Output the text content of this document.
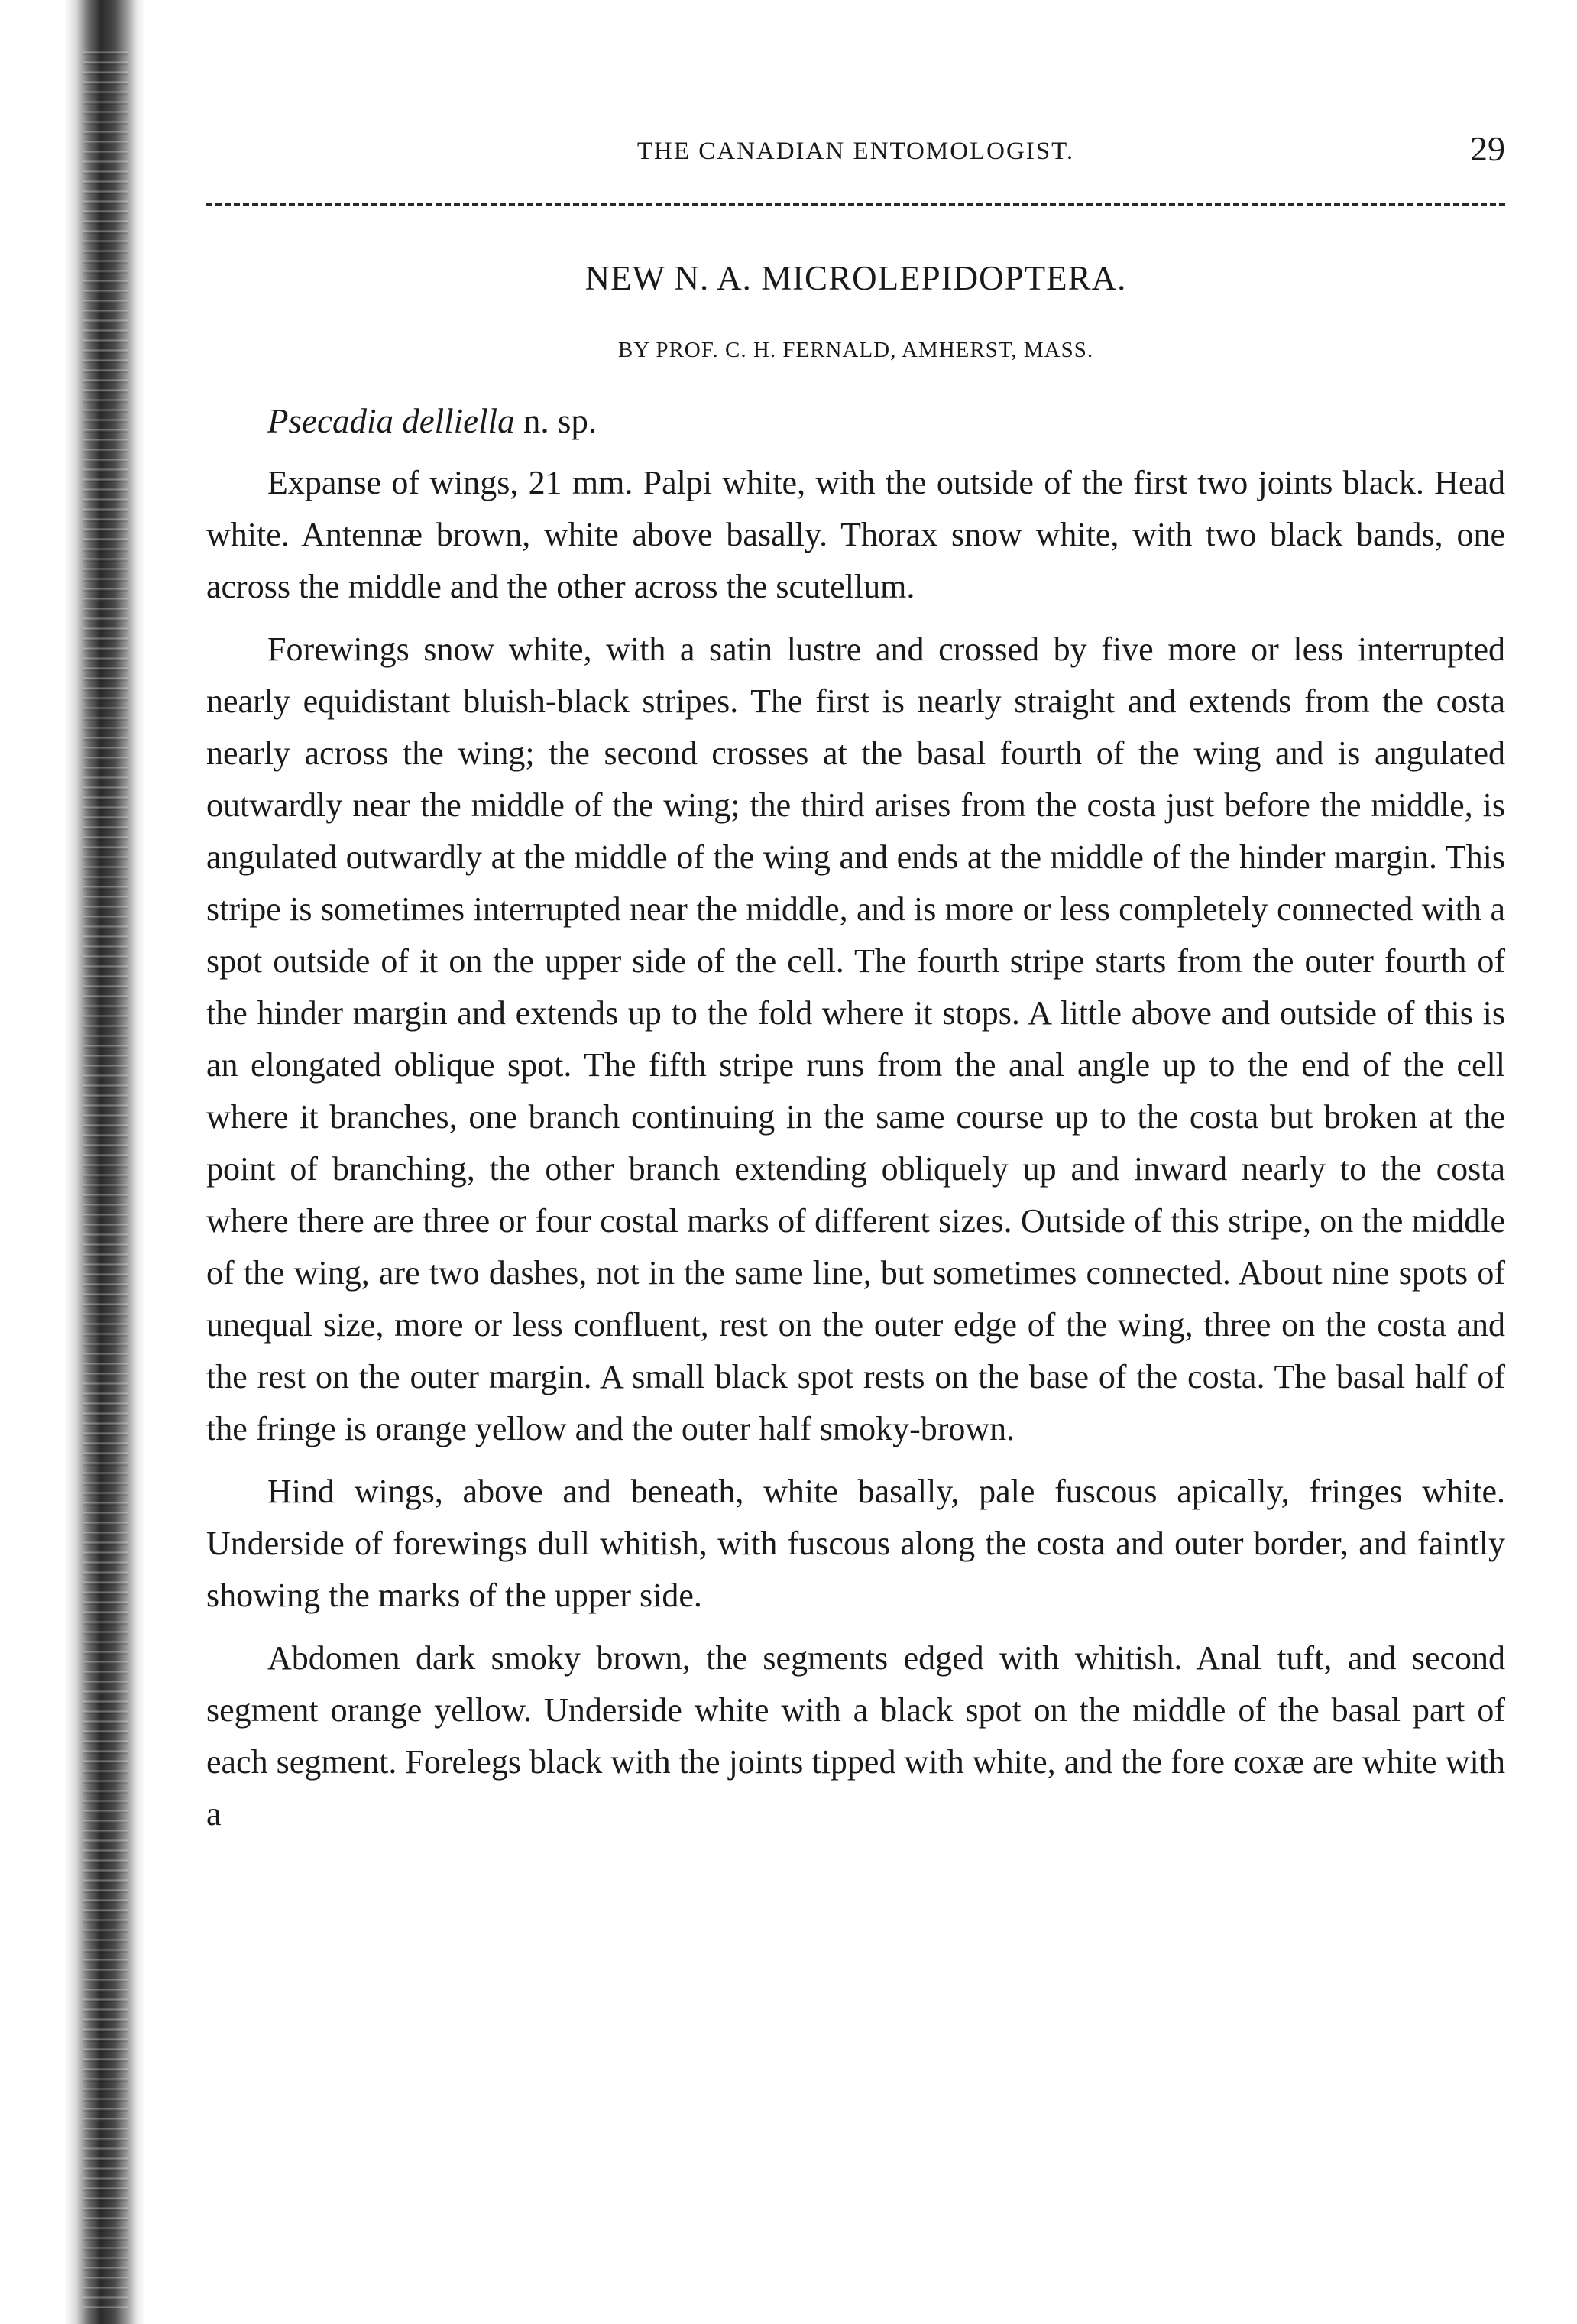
THE CANADIAN ENTOMOLOGIST.	29
NEW N. A. MICROLEPIDOPTERA.
BY PROF. C. H. FERNALD, AMHERST, MASS.
Psecadia delliella n. sp.

Expanse of wings, 21 mm. Palpi white, with the outside of the first two joints black. Head white. Antennæ brown, white above basally. Thorax snow white, with two black bands, one across the middle and the other across the scutellum.

Forewings snow white, with a satin lustre and crossed by five more or less interrupted nearly equidistant bluish-black stripes. The first is nearly straight and extends from the costa nearly across the wing; the second crosses at the basal fourth of the wing and is angulated outwardly near the middle of the wing; the third arises from the costa just before the middle, is angulated outwardly at the middle of the wing and ends at the middle of the hinder margin. This stripe is sometimes interrupted near the middle, and is more or less completely connected with a spot outside of it on the upper side of the cell. The fourth stripe starts from the outer fourth of the hinder margin and extends up to the fold where it stops. A little above and outside of this is an elongated oblique spot. The fifth stripe runs from the anal angle up to the end of the cell where it branches, one branch continuing in the same course up to the costa but broken at the point of branching, the other branch extending obliquely up and inward nearly to the costa where there are three or four costal marks of different sizes. Outside of this stripe, on the middle of the wing, are two dashes, not in the same line, but sometimes connected. About nine spots of unequal size, more or less confluent, rest on the outer edge of the wing, three on the costa and the rest on the outer margin. A small black spot rests on the base of the costa. The basal half of the fringe is orange yellow and the outer half smoky-brown.

Hind wings, above and beneath, white basally, pale fuscous apically, fringes white. Underside of forewings dull whitish, with fuscous along the costa and outer border, and faintly showing the marks of the upper side.

Abdomen dark smoky brown, the segments edged with whitish. Anal tuft, and second segment orange yellow. Underside white with a black spot on the middle of the basal part of each segment. Forelegs black with the joints tipped with white, and the fore coxæ are white with a
